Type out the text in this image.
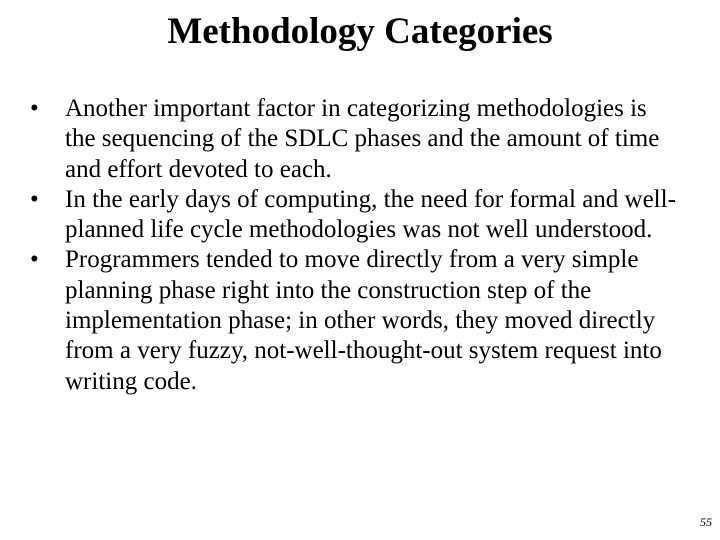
Methodology Categories
•	Another important factor in categorizing methodologies is the sequencing of the SDLC phases and the amount of time and effort devoted to each.
•	In the early days of computing, the need for formal and well-planned life cycle methodologies was not well understood.
•	Programmers tended to move directly from a very simple planning phase right into the construction step of the implementation phase; in other words, they moved directly from a very fuzzy, not-well-thought-out system request into writing code.
55
